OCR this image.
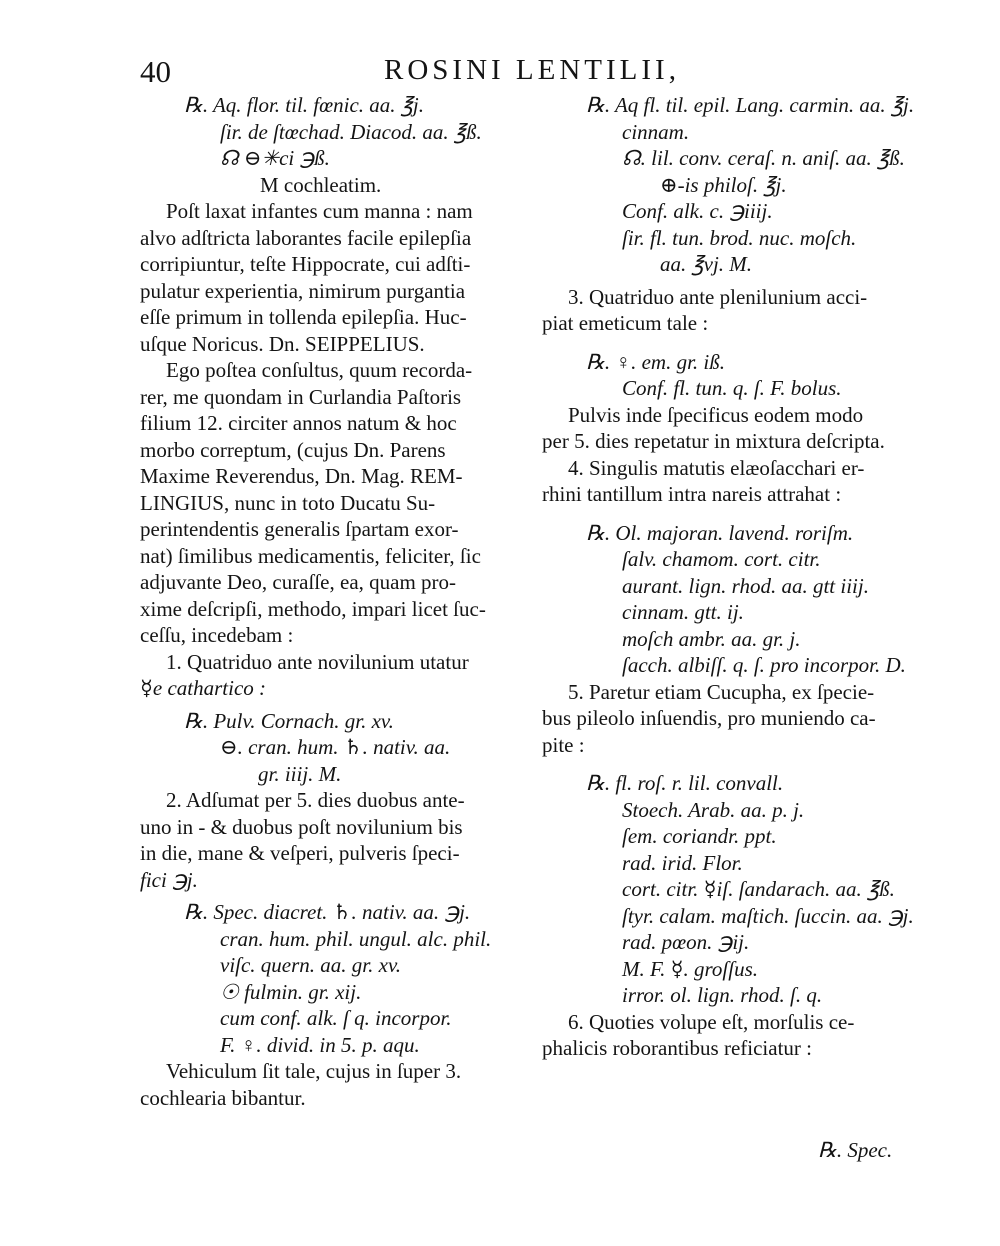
40	ROSINI LENTILII,
℞. Aq. flor. til. fœnic. aa. ℥j.
ſir. de ſtœchad. Diacod. aa. ℥ß.
☊ ⊖✳︎ci ℈ß.
M cochleatim.
Poſt laxat infantes cum manna : nam
alvo adſtricta laborantes facile epilepſia
corripiuntur, teſte Hippocrate, cui adſti-
pulatur experientia, nimirum purgantia
eſſe primum in tollenda epilepſia. Huc-
uſque Noricus. Dn. SEIPPELIUS.
Ego poſtea conſultus, quum recorda-
rer, me quondam in Curlandia Paſtoris
filium 12. circiter annos natum & hoc
morbo correptum, (cujus Dn. Parens
Maxime Reverendus, Dn. Mag. REM-
LINGIUS, nunc in toto Ducatu Su-
perintendentis generalis ſpartam exor-
nat) ſimilibus medicamentis, feliciter, ſic
adjuvante Deo, curaſſe, ea, quam pro-
xime deſcripſi, methodo, impari licet ſuc-
ceſſu, incedebam :
1. Quatriduo ante novilunium utatur
☿e cathartico :
℞. Pulv. Cornach. gr. xv.
⊖. cran. hum. ♄. nativ. aa.
gr. iiij. M.
2. Adſumat per 5. dies duobus ante-
uno in - & duobus poſt novilunium bis
in die, mane & veſperi, pulveris ſpeci-
fici ℈j.
℞. Spec. diacret. ♄. nativ. aa. ℈j.
cran. hum. phil. ungul. alc. phil.
viſc. quern. aa. gr. xv.
☉ fulmin. gr. xij.
cum conf. alk. ſ q. incorpor.
F. ♀. divid. in 5. p. aqu.
Vehiculum ſit tale, cujus in ſuper 3.
cochlearia bibantur.
℞. Aq fl. til. epil. Lang. carmin. aa. ℥j.
cinnam.
☊. lil. conv. ceraſ. n. aniſ. aa. ℥ß.
⊕-is philoſ. ℥j.
Conf. alk. c. ℈iiij.
ſir. fl. tun. brod. nuc. moſch.
aa. ℥vj. M.
3. Quatriduo ante plenilunium acci-
piat emeticum tale :
℞. ♀. em. gr. iß.
Conf. fl. tun. q. ſ. F. bolus.
Pulvis inde ſpecificus eodem modo
per 5. dies repetatur in mixtura deſcripta.
4. Singulis matutis elæoſacchari er-
rhini tantillum intra nareis attrahat :
℞. Ol. majoran. lavend. roriſm.
ſalv. chamom. cort. citr.
aurant. lign. rhod. aa. gtt iiij.
cinnam. gtt. ij.
moſch ambr. aa. gr. j.
ſacch. albiſſ. q. ſ. pro incorpor. D.
5. Paretur etiam Cucupha, ex ſpecie-
bus pileolo inſuendis, pro muniendo ca-
pite :
℞. fl. roſ. r. lil. convall.
Stoech. Arab. aa. p. j.
ſem. coriandr. ppt.
rad. irid. Flor.
cort. citr. ☿iſ. ſandarach. aa. ℥ß.
ſtyr. calam. maſtich. ſuccin. aa. ℈j.
rad. pœon. ℈ij.
M. F. ☿. groſſus.
irror. ol. lign. rhod. ſ. q.
6. Quoties volupe eſt, morſulis ce-
phalicis roborantibus reficiatur :
℞. Spec.
